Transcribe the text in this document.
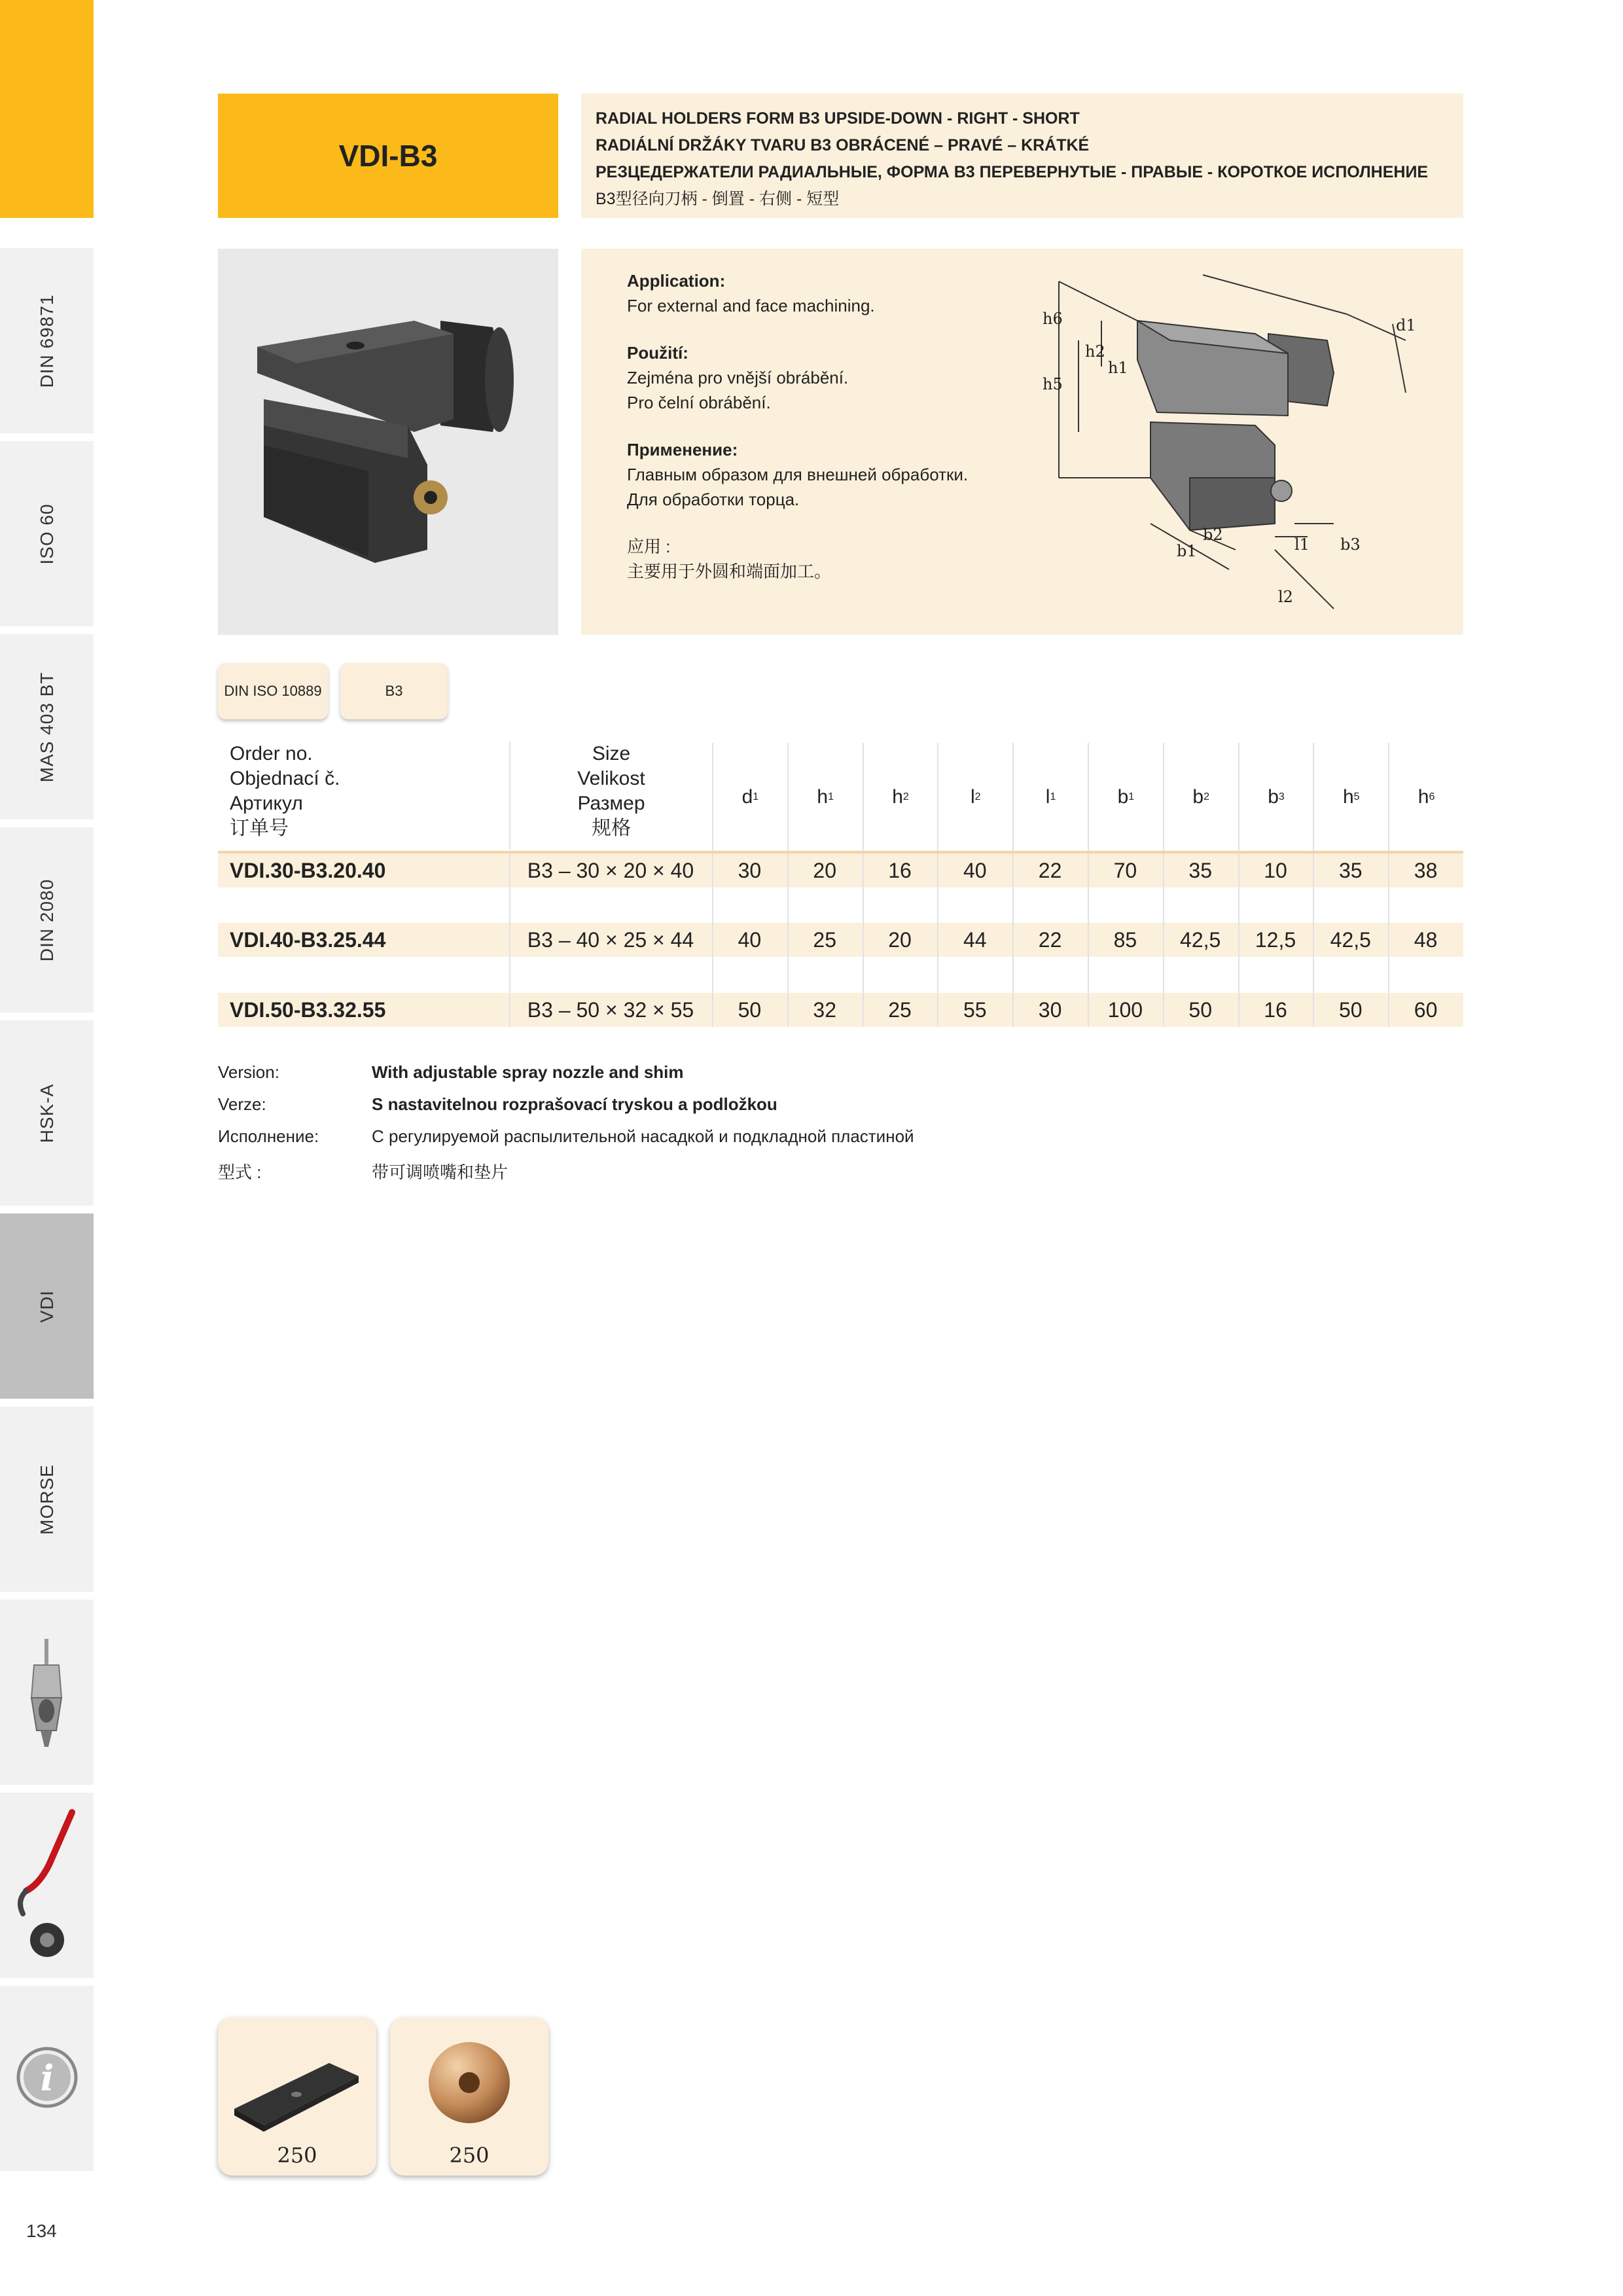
DIN 69871
ISO 60
MAS 403 BT
DIN 2080
HSK-A
VDI
MORSE
i
134
VDI-B3
RADIAL HOLDERS FORM B3 UPSIDE-DOWN - RIGHT - SHORT
RADIÁLNÍ DRŽÁKY TVARU B3 OBRÁCENÉ – PRAVÉ – KRÁTKÉ
РЕЗЦЕДЕРЖАТЕЛИ РАДИАЛЬНЫЕ, ФОРМА B3 ПЕРЕВЕРНУТЫЕ - ПРАВЫЕ - КОРОТКОЕ ИСПОЛНЕНИЕ
B3型径向刀柄 - 倒置 - 右侧 - 短型
Application:
For external and face machining.
Použití:
Zejména pro vnější obrábění.
Pro čelní obrábění.
Применение:
Главным образом для внешней обработки.
Для обработки торца.
应用 :
主要用于外圆和端面加工。
h6
h2
h1
h5
d1
b2
b1	l1
l2
b3
DIN ISO 10889	B3
Order no.
Objednací č.
Артикул
订单号
Size
Velikost
Размер
规格
d 1	h 1	h 2	l 2	l 1	b 1	b 2	b 3	h 5	h 6
VDI.30-B3.20.40	B3 – 30 × 20 × 40	30	20	16	40	22	70	35	10	35	38
VDI.40-B3.25.44	B3 – 40 × 25 × 44	40	25	20	44	22	85	42,5	12,5	42,5	48
VDI.50-B3.32.55	B3 – 50 × 32 × 55	50	32	25	55	30	100	50	16	50	60
Version:	With adjustable spray nozzle and shim
Verze:	S nastavitelnou rozprašovací tryskou a podložkou
Исполнение:	С регулируемой распылительной насадкой и подкладной пластиной
型式 :	带可调喷嘴和垫片
250	250
